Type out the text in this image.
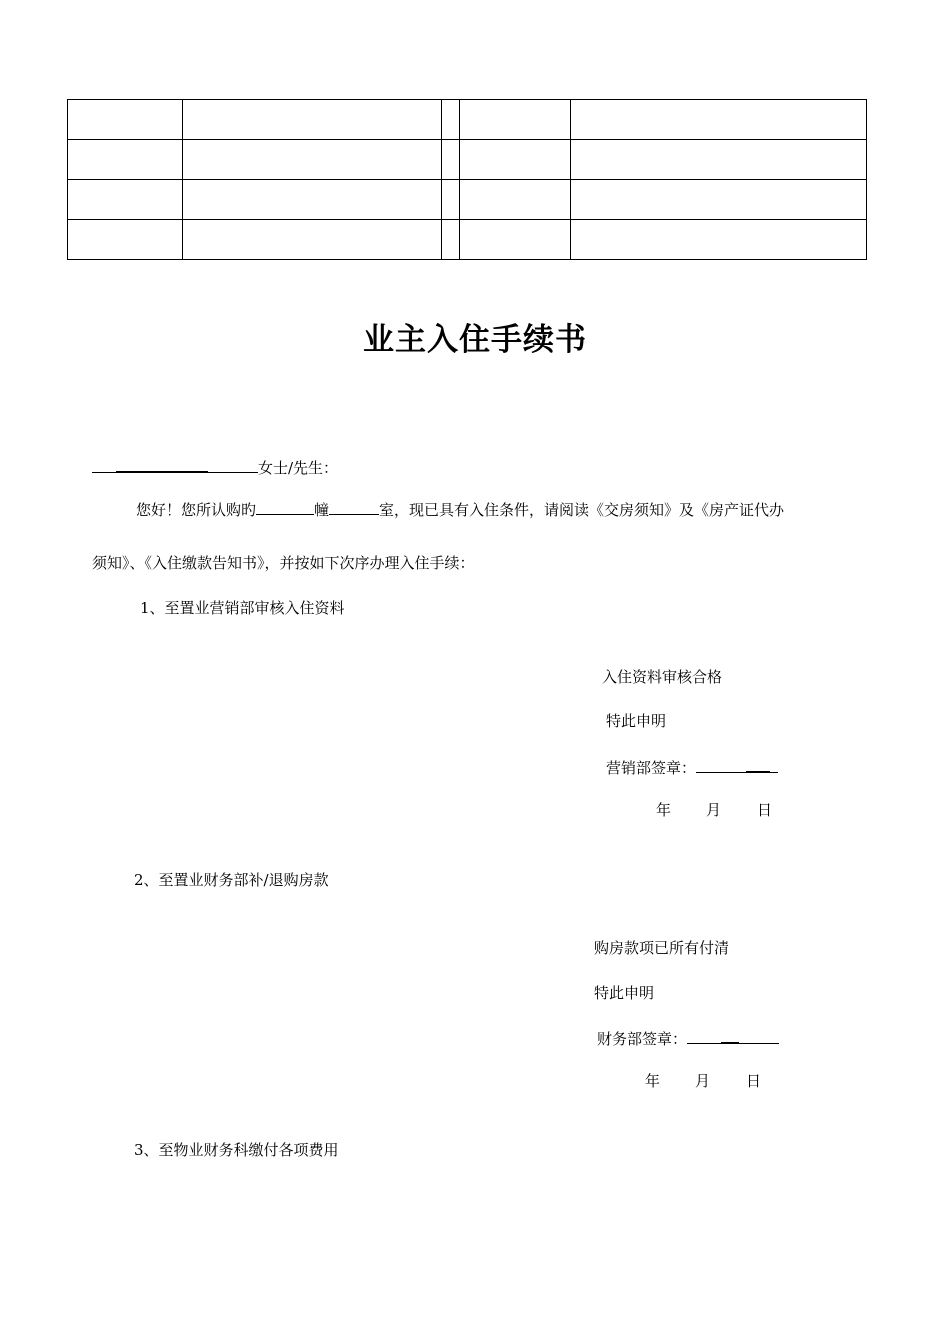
业主入住手续书
女士/先生：
您好！您所认购旳	幢	室，现已具有入住条件，请阅读《交房须知》及《房产证代办
须知》、《入住缴款告知书》，并按如下次序办理入住手续：
1、至置业营销部审核入住资料
入住资料审核合格
特此申明
营销部签章：
年 月 日
2、至置业财务部补/退购房款
购房款项已所有付清
特此申明
财务部签章：
年 月 日
3、至物业财务科缴付各项费用
